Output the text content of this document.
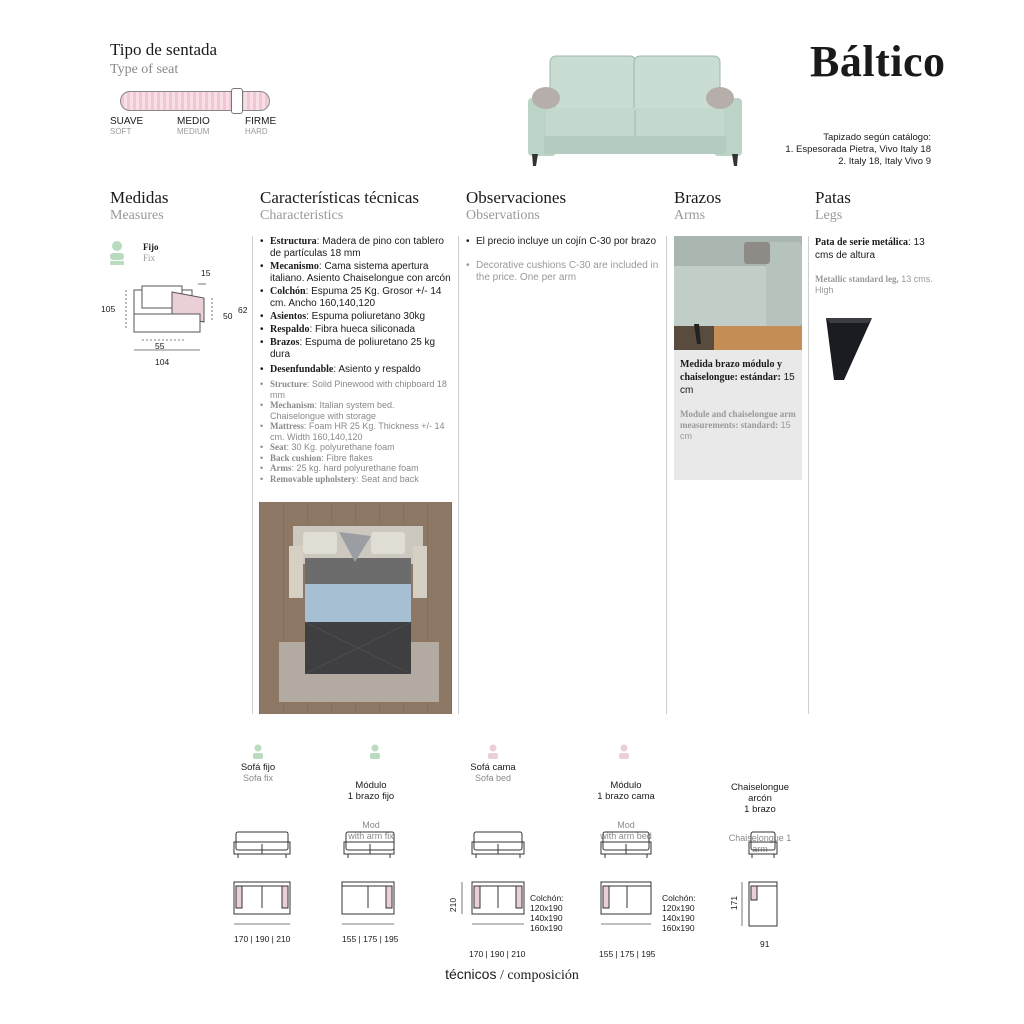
Tipo de sentada
Type of seat
SUAVE
SOFT
MEDIO
MEDIUM
FIRME
HARD
Báltico
Tapizado según catálogo:
1. Espesorada Pietra, Vivo Italy 18
2. Italy 18, Italy Vivo 9
Medidas
Measures
Características técnicas
Characteristics
Observaciones
Observations
Brazos
Arms
Patas
Legs
Fijo
Fix
15
105	62
50
55
104
• Estructura: Madera de pino con tablero de partículas 18 mm
• Mecanismo: Cama sistema apertura italiano. Asiento Chaiselongue con arcón
• Colchón: Espuma 25 Kg. Grosor +/- 14 cm. Ancho 160,140,120
• Asientos: Espuma poliuretano 30kg
• Respaldo: Fibra hueca siliconada
• Brazos: Espuma de poliuretano 25 kg dura
• Desenfundable: Asiento y respaldo
• Structure: Solid Pinewood with chipboard 18 mm
• Mechanism: Italian system bed. Chaiselongue with storage
• Mattress: Foam HR 25 Kg. Thickness +/- 14 cm. Width 160,140,120
• Seat: 30 Kg. polyurethane foam
• Back cushion: Fibre flakes
• Arms: 25 kg. hard polyurethane foam
• Removable upholstery: Seat and back
• El precio incluye un cojín C-30 por brazo
• Decorative cushions C-30 are included in the price. One per arm
Medida brazo módulo y chaiselongue: estándar: 15 cm
Module and chaiselongue arm measurements: standard: 15 cm
Pata de serie metálica: 13 cms de altura
Metallic standard leg, 13 cms. High
Sofá fijo
Sofa fix

Módulo
1 brazo fijo

Mod
with arm fix

Sofá cama
Sofa bed

Módulo
1 brazo cama

Mod
with arm bed

Chaiselongue
arcón
1 brazo

Chaiselongue 1
arm

170 | 190 | 210	155 | 175 | 195
170 | 190 | 210	155 | 175 | 195
91
210	171
Colchón:
120x190
140x190
160x190
Colchón:
120x190
140x190
160x190
técnicos / composición
